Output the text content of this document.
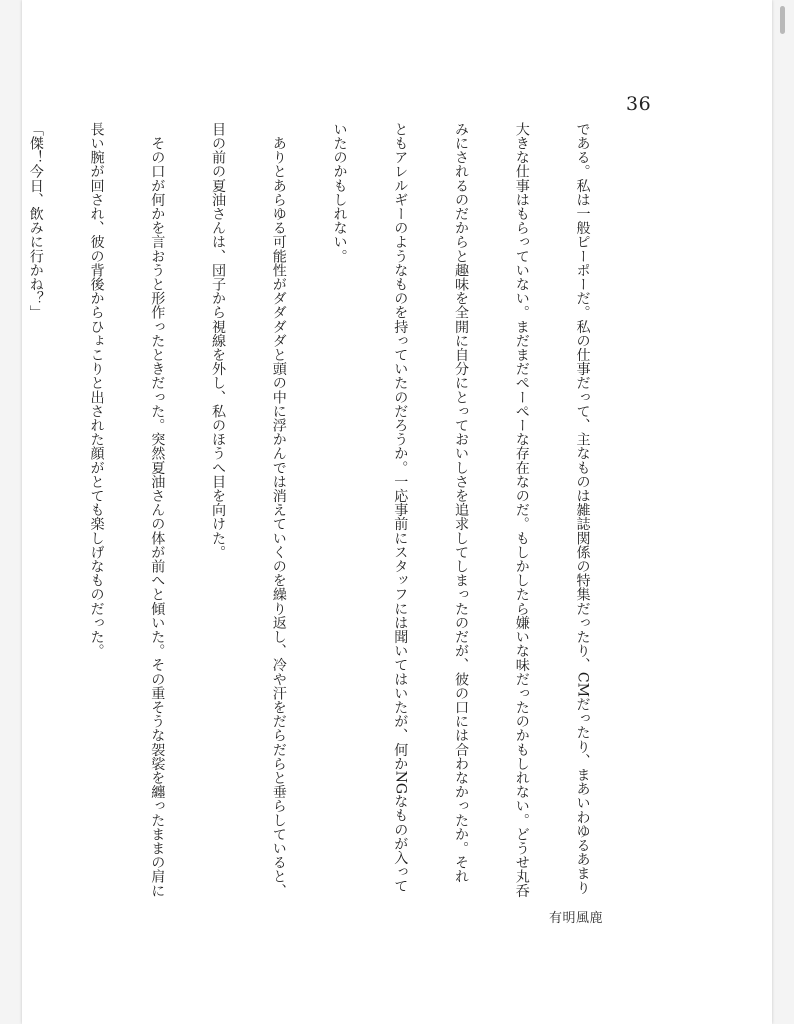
36

である。私は一般ピーポーだ。私の仕事だって、主なものは雑誌関係の特集だったり、CMだったり、まあいわゆるあまり

大きな仕事はもらっていない。まだまだぺーぺーな存在なのだ。もしかしたら嫌いな味だったのかもしれない。どうせ丸呑

みにされるのだからと趣味を全開に自分にとっておいしさを追求してしまったのだが、彼の口には合わなかったか。それ

ともアレルギーのようなものを持っていたのだろうか。一応事前にスタッフには聞いてはいたが、何かNGなものが入って

いたのかもしれない。

　ありとあらゆる可能性がダダダダと頭の中に浮かんでは消えていくのを繰り返し、冷や汗をだらだらと垂らしていると、

目の前の夏油さんは、団子から視線を外し、私のほうへ目を向けた。

　その口が何かを言おうと形作ったときだった。突然夏油さんの体が前へと傾いた。その重そうな袈裟を纏ったままの肩に

長い腕が回され、彼の背後からひょこりと出された顔がとても楽しげなものだった。

「傑！今日、飲みに行かね？」

有明風鹿
